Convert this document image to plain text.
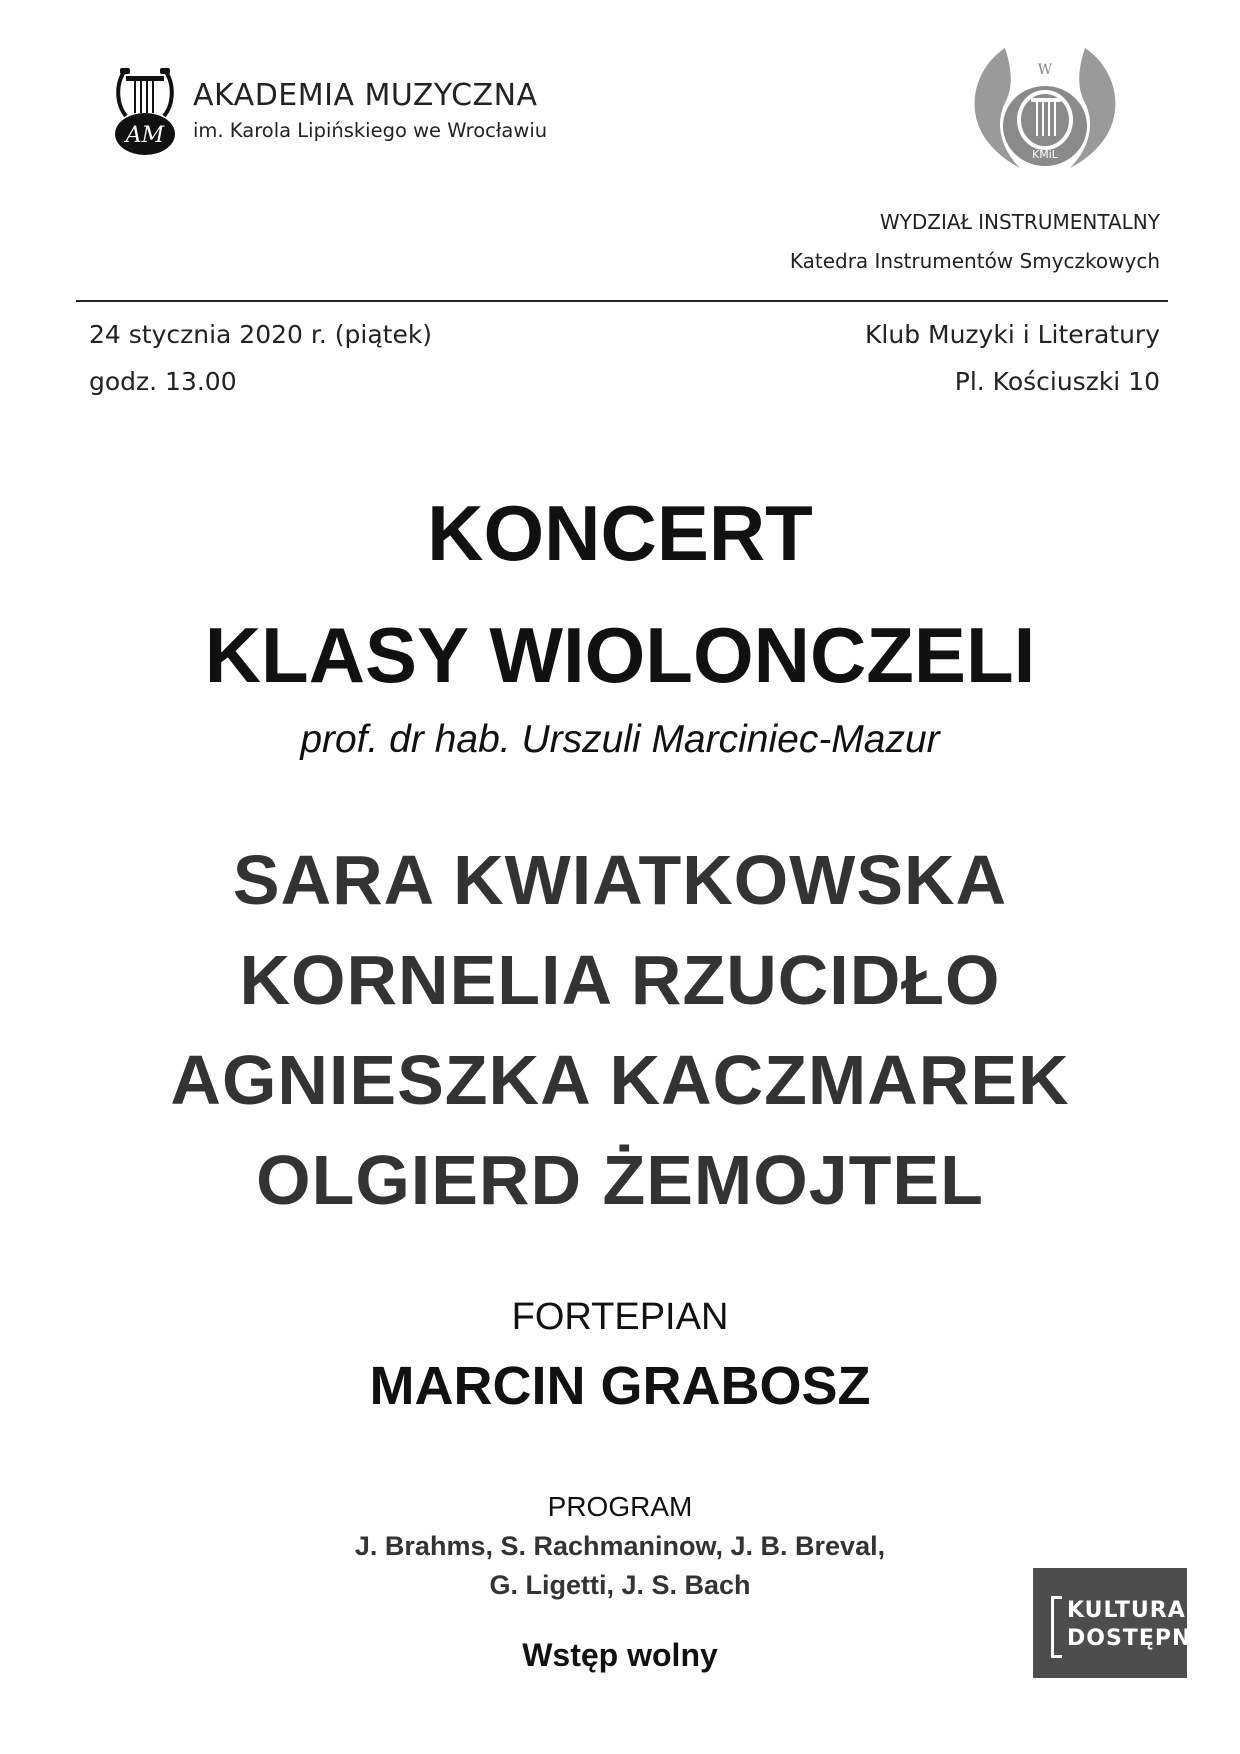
AM
AKADEMIA MUZYCZNA
im. Karola Lipińskiego we Wrocławiu
W
KMiL
WYDZIAŁ INSTRUMENTALNY
Katedra Instrumentów Smyczkowych
24 stycznia 2020 r. (piątek)
godz. 13.00
Klub Muzyki i Literatury
Pl. Kościuszki 10
KONCERT
KLASY WIOLONCZELI
prof. dr hab. Urszuli Marciniec-Mazur
SARA KWIATKOWSKA
KORNELIA RZUCIDŁO
AGNIESZKA KACZMAREK
OLGIERD ŻEMOJTEL
FORTEPIAN
MARCIN GRABOSZ
PROGRAM
J. Brahms, S. Rachmaninow, J. B. Breval,
G. Ligetti, J. S. Bach
Wstęp wolny
KULTURA
DOSTĘPNA
